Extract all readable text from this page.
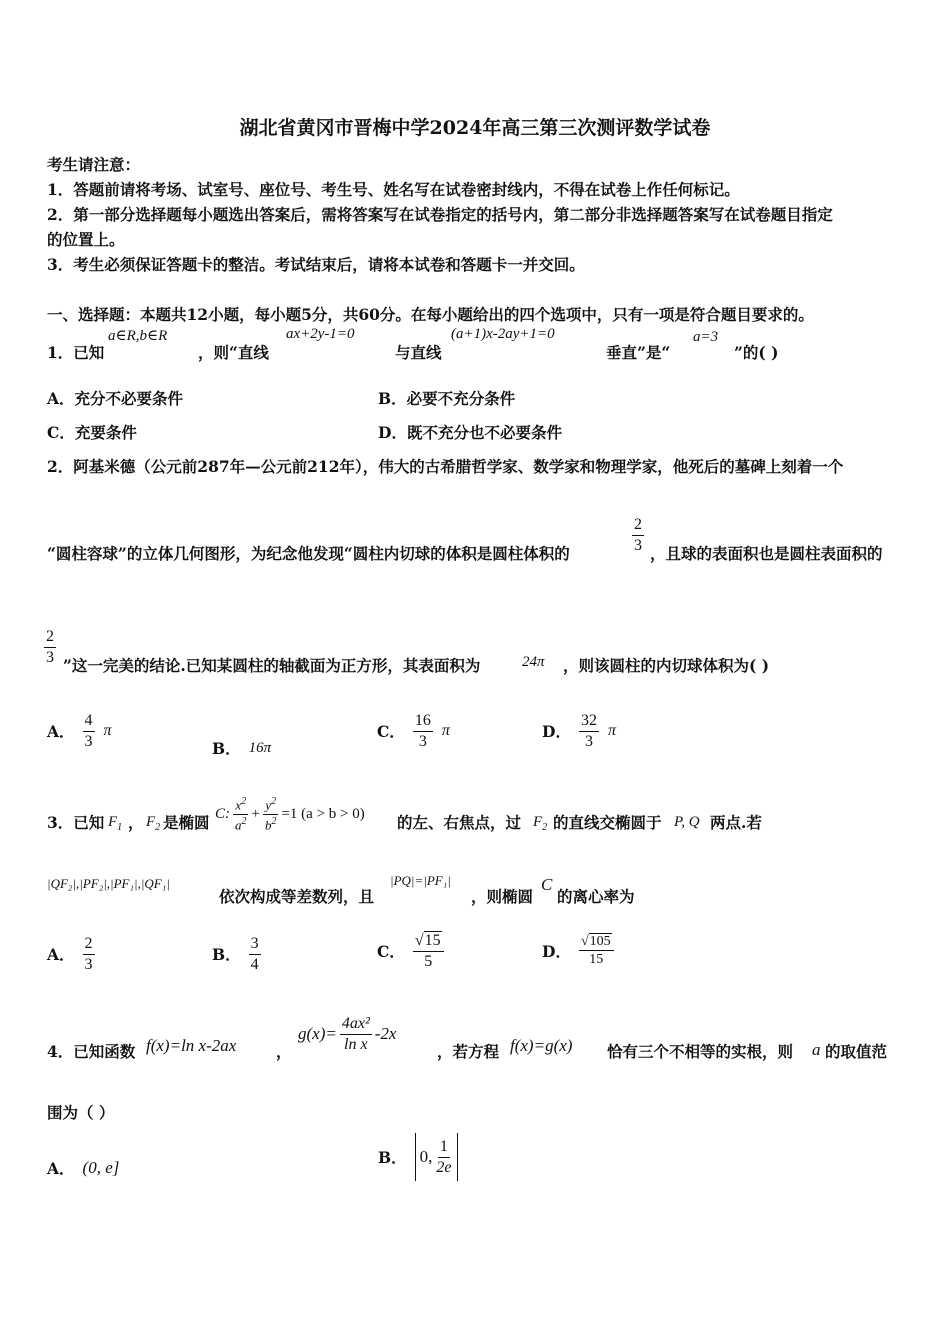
湖北省黄冈市晋梅中学2024年高三第三次测评数学试卷
考生请注意：
1．答题前请将考场、试室号、座位号、考生号、姓名写在试卷密封线内，不得在试卷上作任何标记。
2．第一部分选择题每小题选出答案后，需将答案写在试卷指定的括号内，第二部分非选择题答案写在试卷题目指定
的位置上。
3．考生必须保证答题卡的整洁。考试结束后，请将本试卷和答题卡一并交回。
一、选择题：本题共12小题，每小题5分，共60分。在每小题给出的四个选项中，只有一项是符合题目要求的。
1．已知
a∈R,b∈R
，则“直线
ax+2y-1=0
与直线
(a+1)x-2ay+1=0
垂直”是“
a=3
”的( )
A．充分不必要条件	B．必要不充分条件
C．充要条件	D．既不充分也不必要条件
2．阿基米德（公元前287年—公元前212年），伟大的古希腊哲学家、数学家和物理学家，他死后的墓碑上刻着一个
“圆柱容球”的立体几何图形，为纪念他发现“圆柱内切球的体积是圆柱体积的	$\frac{2}{3}$ ，且球的表面积也是圆柱表面积的
$\frac{2}{3}$ ”这一完美的结论.已知某圆柱的轴截面为正方形，其表面积为	24π ，则该圆柱的内切球体积为( )
A． $\frac{4}{3}$ π
B． 16π
C． $\frac{16}{3}$ π	D． $\frac{32}{3}$ π
3．已知 $F_1$ ， $F_2$ 是椭圆 C: $\frac{x^2}{a^2} + \frac{y^2}{b^2} =1$ (a > b > 0) 的左、右焦点，过 $F_2$ 的直线交椭圆于 P, Q 两点.若
|QF₂|,|PF₂|,|PF₁|,|QF₁|
依次构成等差数列，且
|PQ|=|PF₁|
，则椭圆
C
的离心率为
A． $\frac{2}{3}$	B． $\frac{3}{4}$	C． $\frac{√15}{5}$	D． $\frac{√105}{15}$
4．已知函数 f(x)=ln x-2ax	，
$g(x)= \frac{\text{4ax²}}{\text{ln x}} -2x$
，若方程 f(x)=g(x) 恰有三个不相等的实根，则 a 的取值范
围为（ ）
A． (0, e]
B． 0, $\frac{1}{2e}$
